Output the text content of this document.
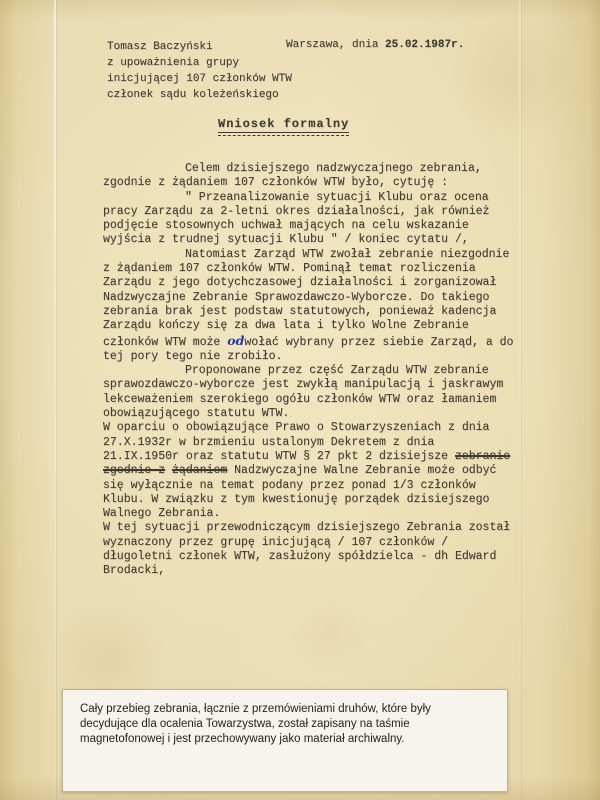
Tomasz Baczyński
z upoważnienia grupy
inicjującej 107 członków WTW
członek sądu koleżeńskiego
Warszawa, dnia 25.02.1987r.
Wniosek formalny

Celem dzisiejszego nadzwyczajnego zebrania, zgodnie z żądaniem 107 członków WTW było, cytuję :

" Przeanalizowanie sytuacji Klubu oraz ocena pracy Zarządu za 2-letni okres działalności, jak również podjęcie stosownych uchwał mających na celu wskazanie wyjścia z trudnej sytuacji Klubu " / koniec cytatu /,

Natomiast Zarząd WTW zwołał zebranie niezgodnie z żądaniem 107 członków WTW. Pominął temat rozliczenia Zarządu z jego dotychczasowej działalności i zorganizował Nadzwyczajne Zebranie Sprawozdawczo-Wyborcze. Do takiego zebrania brak jest podstaw statutowych, ponieważ kadencja Zarządu kończy się za dwa lata i tylko Wolne Zebranie członków WTW może odwołać wybrany przez siebie Zarząd, a do tej pory tego nie zrobiło.

Proponowane przez część Zarządu WTW zebranie sprawozdawczo-wyborcze jest zwykłą manipulacją i jaskrawym lekceważeniem szerokiego ogółu członków WTW oraz łamaniem obowiązującego statutu WTW.

W oparciu o obowiązujące Prawo o Stowarzyszeniach z dnia 27.X.1932r w brzmieniu ustalonym Dekretem z dnia 21.IX.1950r oraz statutu WTW § 27 pkt 2 dzisiejsze zebranie zgodnie z żądaniem Nadzwyczajne Walne Zebranie może odbyć się wyłącznie na temat podany przez ponad 1/3 członków Klubu. W związku z tym kwestionuję porządek dzisiejszego Walnego Zebrania.

W tej sytuacji przewodniczącym dzisiejszego Zebrania został wyznaczony przez grupę inicjującą / 107 członków / długoletni członek WTW, zasłużony spółdzielca - dh Edward Brodacki,

Cały przebieg zebrania, łącznie z przemówieniami druhów, które były decydujące dla ocalenia Towarzystwa, został zapisany na taśmie magnetofonowej i jest przechowywany jako materiał archiwalny.
